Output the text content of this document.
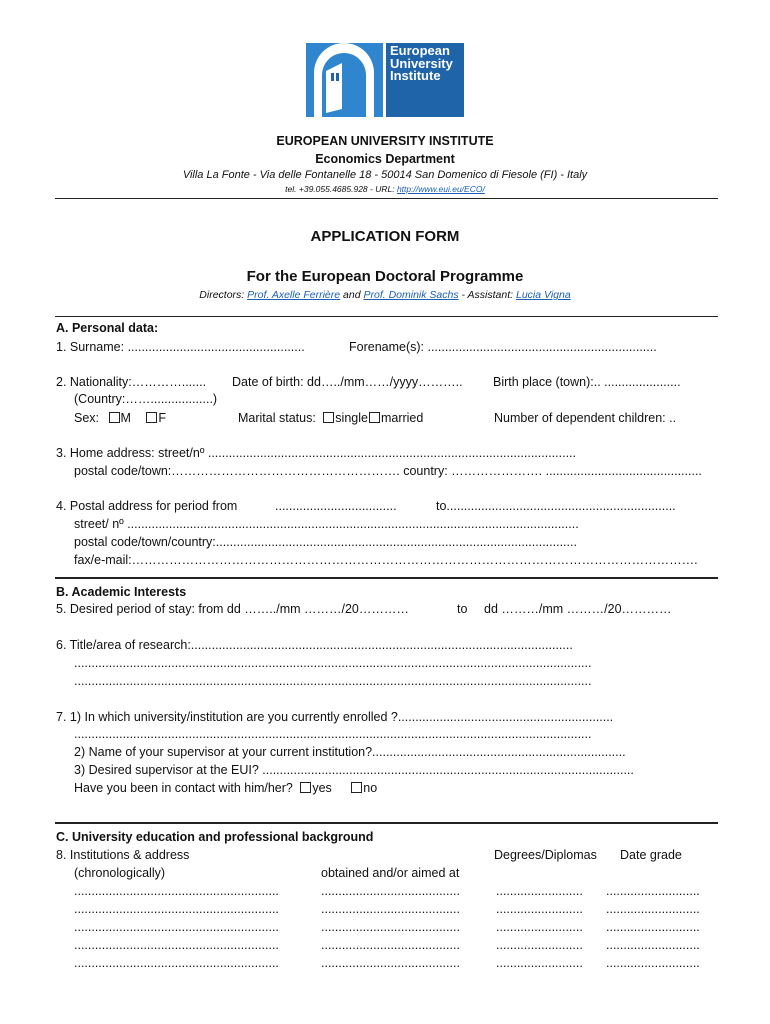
European
University
Institute
EUROPEAN UNIVERSITY INSTITUTE
Economics Department
Villa La Fonte - Via delle Fontanelle 18 - 50014 San Domenico di Fiesole (FI) - Italy
tel. +39.055.4685.928 - URL: http://www.eui.eu/ECO/
APPLICATION FORM
For the European Doctoral Programme
Directors: Prof. Axelle Ferrière and Prof. Dominik Sachs - Assistant: Lucia Vigna
A. Personal data:
1. Surname: ...................................................	Forename(s): ..................................................................
2. Nationality:…………....... Date of birth: dd…../mm……/yyyy……….. Birth place (town):.. ......................
(Country:……..................)
Sex: M F	Marital status: single married	Number of dependent children: ..
3. Home address: street/nº ..........................................................................................................
postal code/town:………………………………………………. country: …………………. .............................................
4. Postal address for period from	...................................	to..................................................................
street/ nº ..................................................................................................................................
postal code/town/country:........................................................................................................
fax/e-mail:……………………………………………………………………………………………………………………….
B. Academic Interests
5. Desired period of stay: from dd ……../mm ………/20…………	to dd ………/mm ………/20…………
6. Title/area of research:..............................................................................................................
.....................................................................................................................................................
.....................................................................................................................................................
7. 1) In which university/institution are you currently enrolled ?..............................................................
.....................................................................................................................................................
2) Name of your supervisor at your current institution?.........................................................................
3) Desired supervisor at the EUI? ...........................................................................................................
Have you been in contact with him/her? yes	no
C. University education and professional background
8. Institutions & address
(chronologically)	obtained and/or aimed at
Degrees/Diplomas Date grade
...........................................................	........................................	......................... ...........................
...........................................................	........................................	......................... ...........................
...........................................................	........................................	......................... ...........................
...........................................................	........................................	......................... ...........................
...........................................................	........................................	......................... ...........................
